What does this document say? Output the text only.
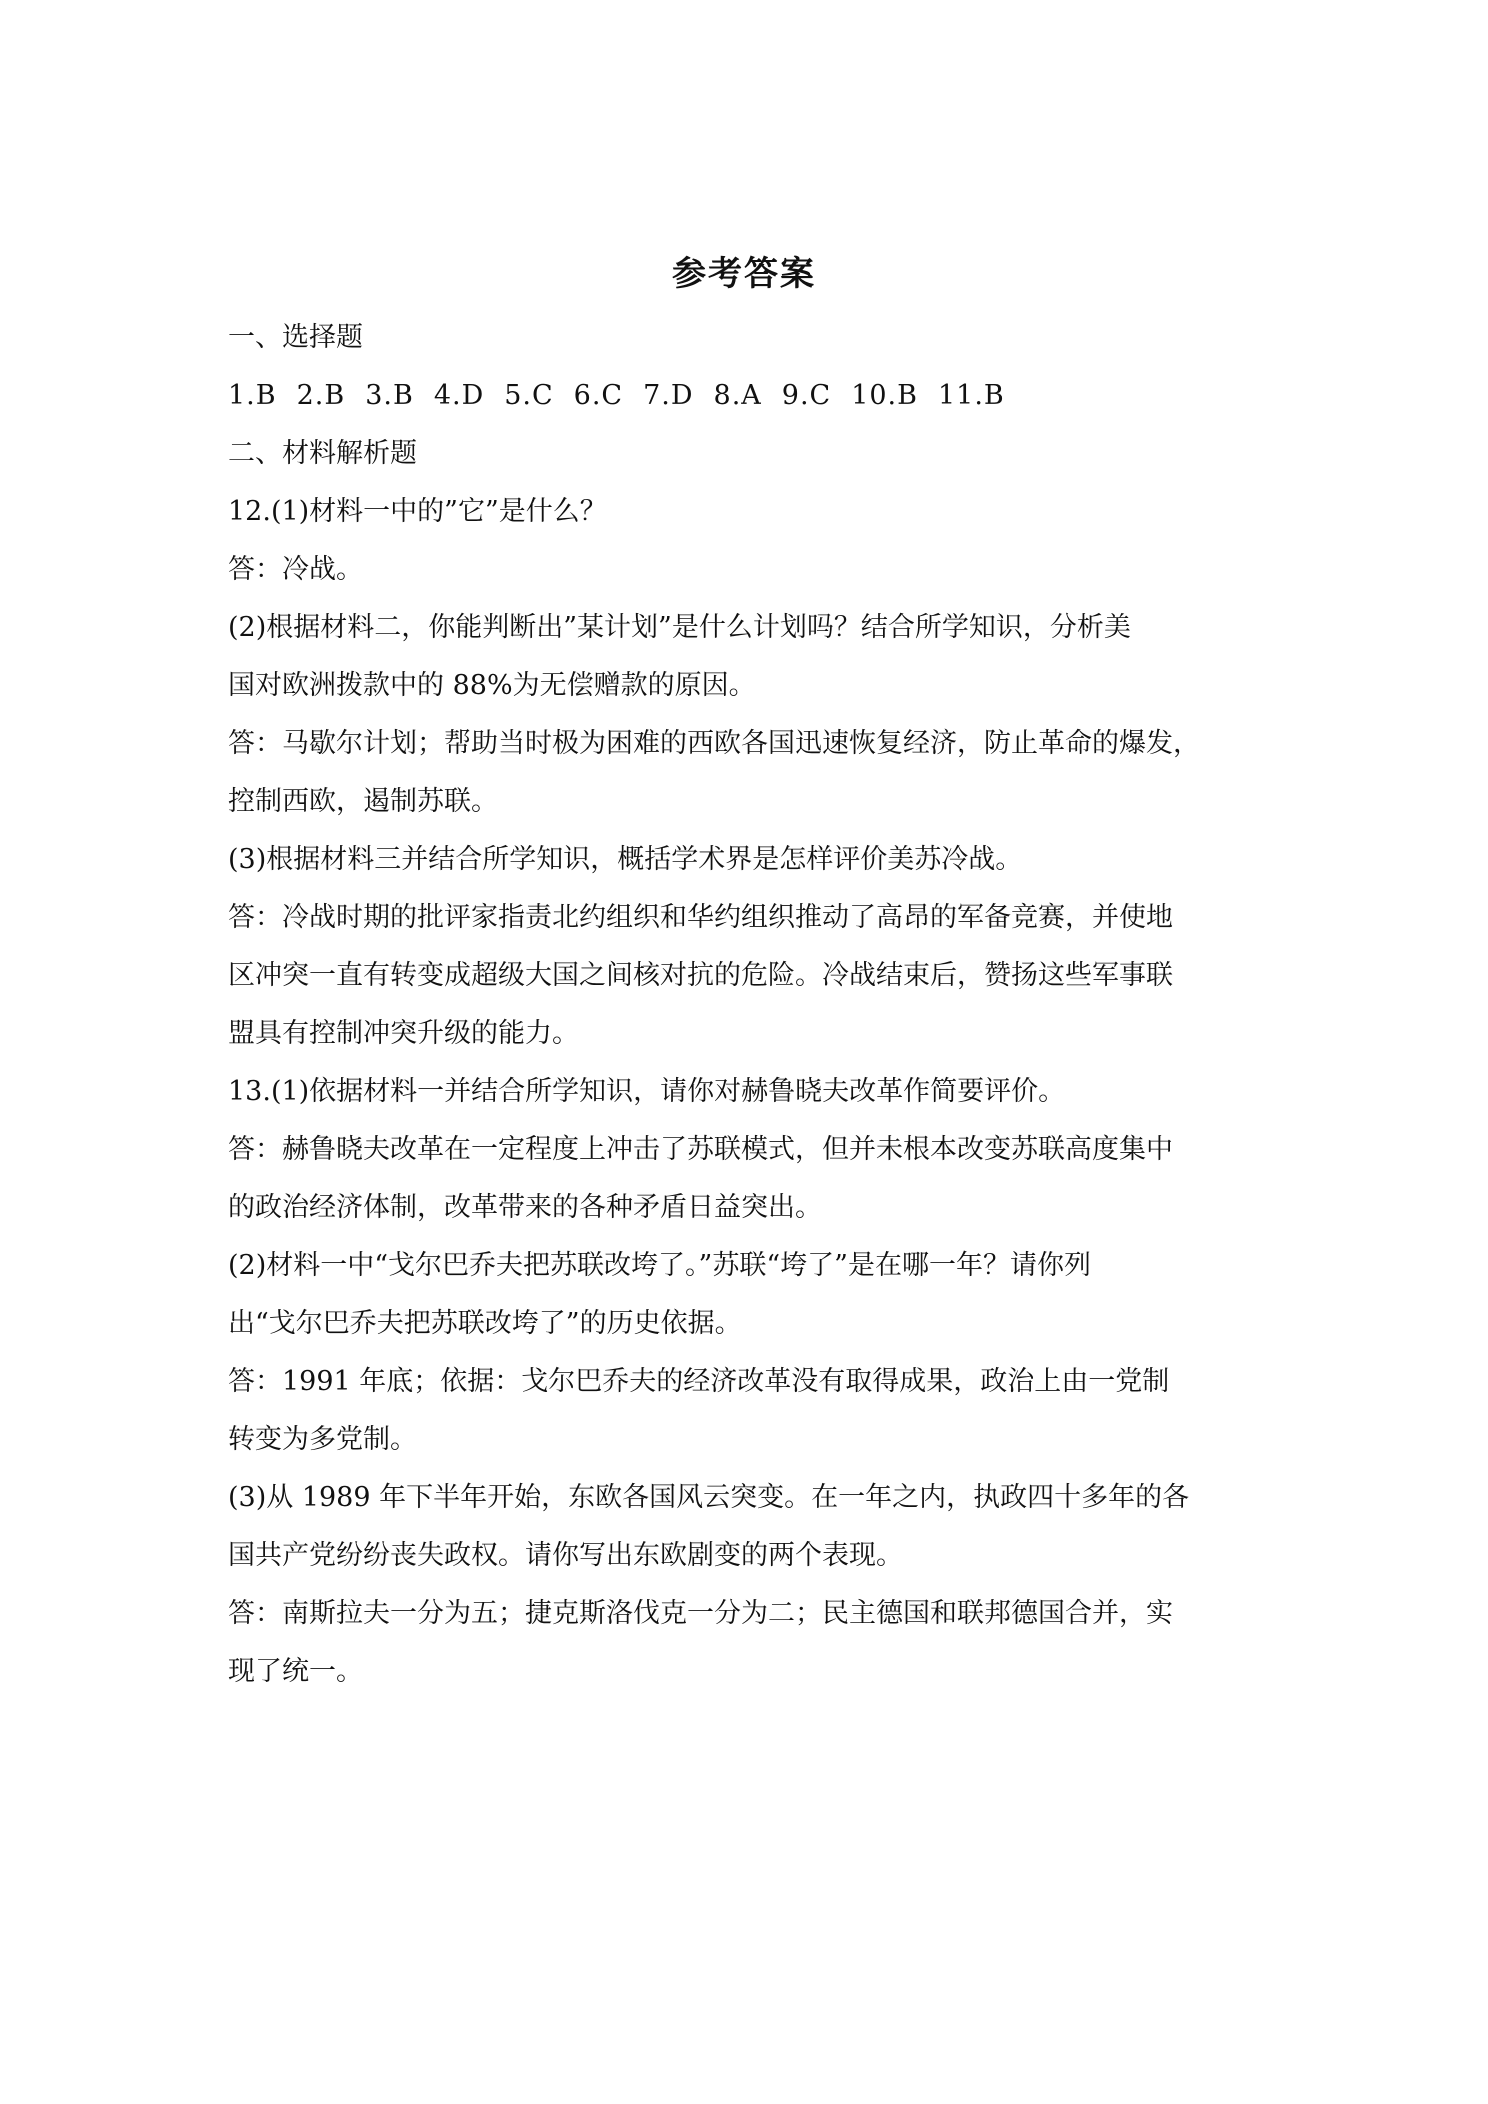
参考答案
一、选择题
1.B 2.B 3.B 4.D 5.C 6.C 7.D 8.A 9.C 10.B 11.B
二、材料解析题
12.(1)材料一中的”它”是什么？
答：冷战。
(2)根据材料二，你能判断出”某计划”是什么计划吗？结合所学知识，分析美
国对欧洲拨款中的 88%为无偿赠款的原因。
答：马歇尔计划；帮助当时极为困难的西欧各国迅速恢复经济，防止革命的爆发，
控制西欧，遏制苏联。
(3)根据材料三并结合所学知识，概括学术界是怎样评价美苏冷战。
答：冷战时期的批评家指责北约组织和华约组织推动了高昂的军备竞赛，并使地
区冲突一直有转变成超级大国之间核对抗的危险。冷战结束后，赞扬这些军事联
盟具有控制冲突升级的能力。
13.(1)依据材料一并结合所学知识，请你对赫鲁晓夫改革作简要评价。
答：赫鲁晓夫改革在一定程度上冲击了苏联模式，但并未根本改变苏联高度集中
的政治经济体制，改革带来的各种矛盾日益突出。
(2)材料一中“戈尔巴乔夫把苏联改垮了。”苏联“垮了”是在哪一年？请你列
出“戈尔巴乔夫把苏联改垮了”的历史依据。
答：1991 年底；依据：戈尔巴乔夫的经济改革没有取得成果，政治上由一党制
转变为多党制。
(3)从 1989 年下半年开始，东欧各国风云突变。在一年之内，执政四十多年的各
国共产党纷纷丧失政权。请你写出东欧剧变的两个表现。
答：南斯拉夫一分为五；捷克斯洛伐克一分为二；民主德国和联邦德国合并，实
现了统一。
